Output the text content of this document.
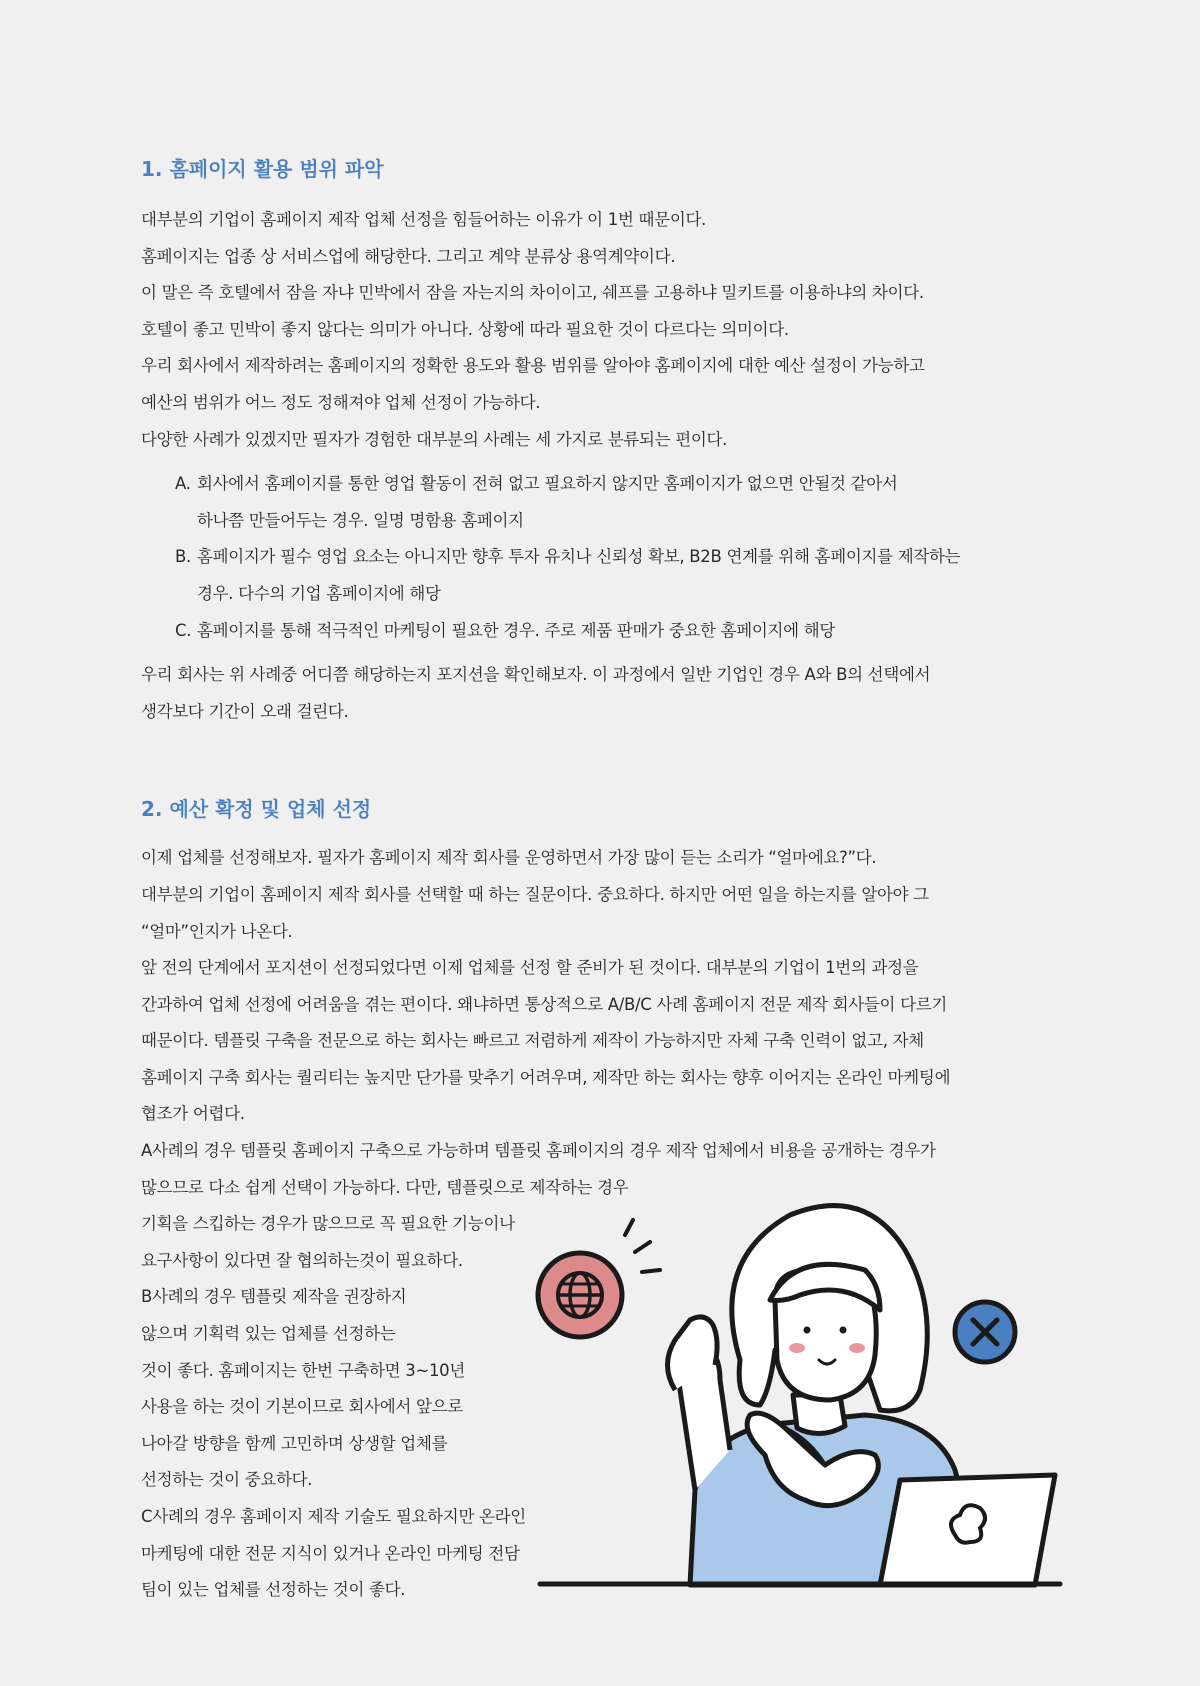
1. 홈페이지 활용 범위 파악

대부분의 기업이 홈페이지 제작 업체 선정을 힘들어하는 이유가 이 1번 때문이다.

홈페이지는 업종 상 서비스업에 해당한다. 그리고 계약 분류상 용역계약이다.

이 말은 즉 호텔에서 잠을 자냐 민박에서 잠을 자는지의 차이이고, 쉐프를 고용하냐 밀키트를 이용하냐의 차이다.

호텔이 좋고 민박이 좋지 않다는 의미가 아니다. 상황에 따라 필요한 것이 다르다는 의미이다.

우리 회사에서 제작하려는 홈페이지의 정확한 용도와 활용 범위를 알아야 홈페이지에 대한 예산 설정이 가능하고

예산의 범위가 어느 정도 정해져야 업체 선정이 가능하다.

다양한 사례가 있겠지만 필자가 경험한 대부분의 사례는 세 가지로 분류되는 편이다.

A. 회사에서 홈페이지를 통한 영업 활동이 전혀 없고 필요하지 않지만 홈페이지가 없으면 안될것 같아서
하나쯤 만들어두는 경우. 일명 명함용 홈페이지
B. 홈페이지가 필수 영업 요소는 아니지만 향후 투자 유치나 신뢰성 확보, B2B 연계를 위해 홈페이지를 제작하는
경우. 다수의 기업 홈페이지에 해당
C. 홈페이지를 통해 적극적인 마케팅이 필요한 경우. 주로 제품 판매가 중요한 홈페이지에 해당

우리 회사는 위 사례중 어디쯤 해당하는지 포지션을 확인해보자. 이 과정에서 일반 기업인 경우 A와 B의 선택에서

생각보다 기간이 오래 걸린다.

2. 예산 확정 및 업체 선정

이제 업체를 선정해보자. 필자가 홈페이지 제작 회사를 운영하면서 가장 많이 듣는 소리가 “얼마에요?”다.

대부분의 기업이 홈페이지 제작 회사를 선택할 때 하는 질문이다. 중요하다. 하지만 어떤 일을 하는지를 알아야 그

“얼마”인지가 나온다.

앞 전의 단계에서 포지션이 선정되었다면 이제 업체를 선정 할 준비가 된 것이다. 대부분의 기업이 1번의 과정을

간과하여 업체 선정에 어려움을 겪는 편이다. 왜냐하면 통상적으로 A/B/C 사례 홈페이지 전문 제작 회사들이 다르기

때문이다. 템플릿 구축을 전문으로 하는 회사는 빠르고 저렴하게 제작이 가능하지만 자체 구축 인력이 없고, 자체

홈페이지 구축 회사는 퀄리티는 높지만 단가를 맞추기 어려우며, 제작만 하는 회사는 향후 이어지는 온라인 마케팅에

협조가 어렵다.

A사례의 경우 템플릿 홈페이지 구축으로 가능하며 템플릿 홈페이지의 경우 제작 업체에서 비용을 공개하는 경우가

많으므로 다소 쉽게 선택이 가능하다. 다만, 템플릿으로 제작하는 경우

기획을 스킵하는 경우가 많으므로 꼭 필요한 기능이나

요구사항이 있다면 잘 협의하는것이 필요하다.

B사례의 경우 템플릿 제작을 권장하지

않으며 기획력 있는 업체를 선정하는

것이 좋다. 홈페이지는 한번 구축하면 3~10년

사용을 하는 것이 기본이므로 회사에서 앞으로

나아갈 방향을 함께 고민하며 상생할 업체를

선정하는 것이 중요하다.

C사례의 경우 홈페이지 제작 기술도 필요하지만 온라인

마케팅에 대한 전문 지식이 있거나 온라인 마케팅 전담

팀이 있는 업체를 선정하는 것이 좋다.
